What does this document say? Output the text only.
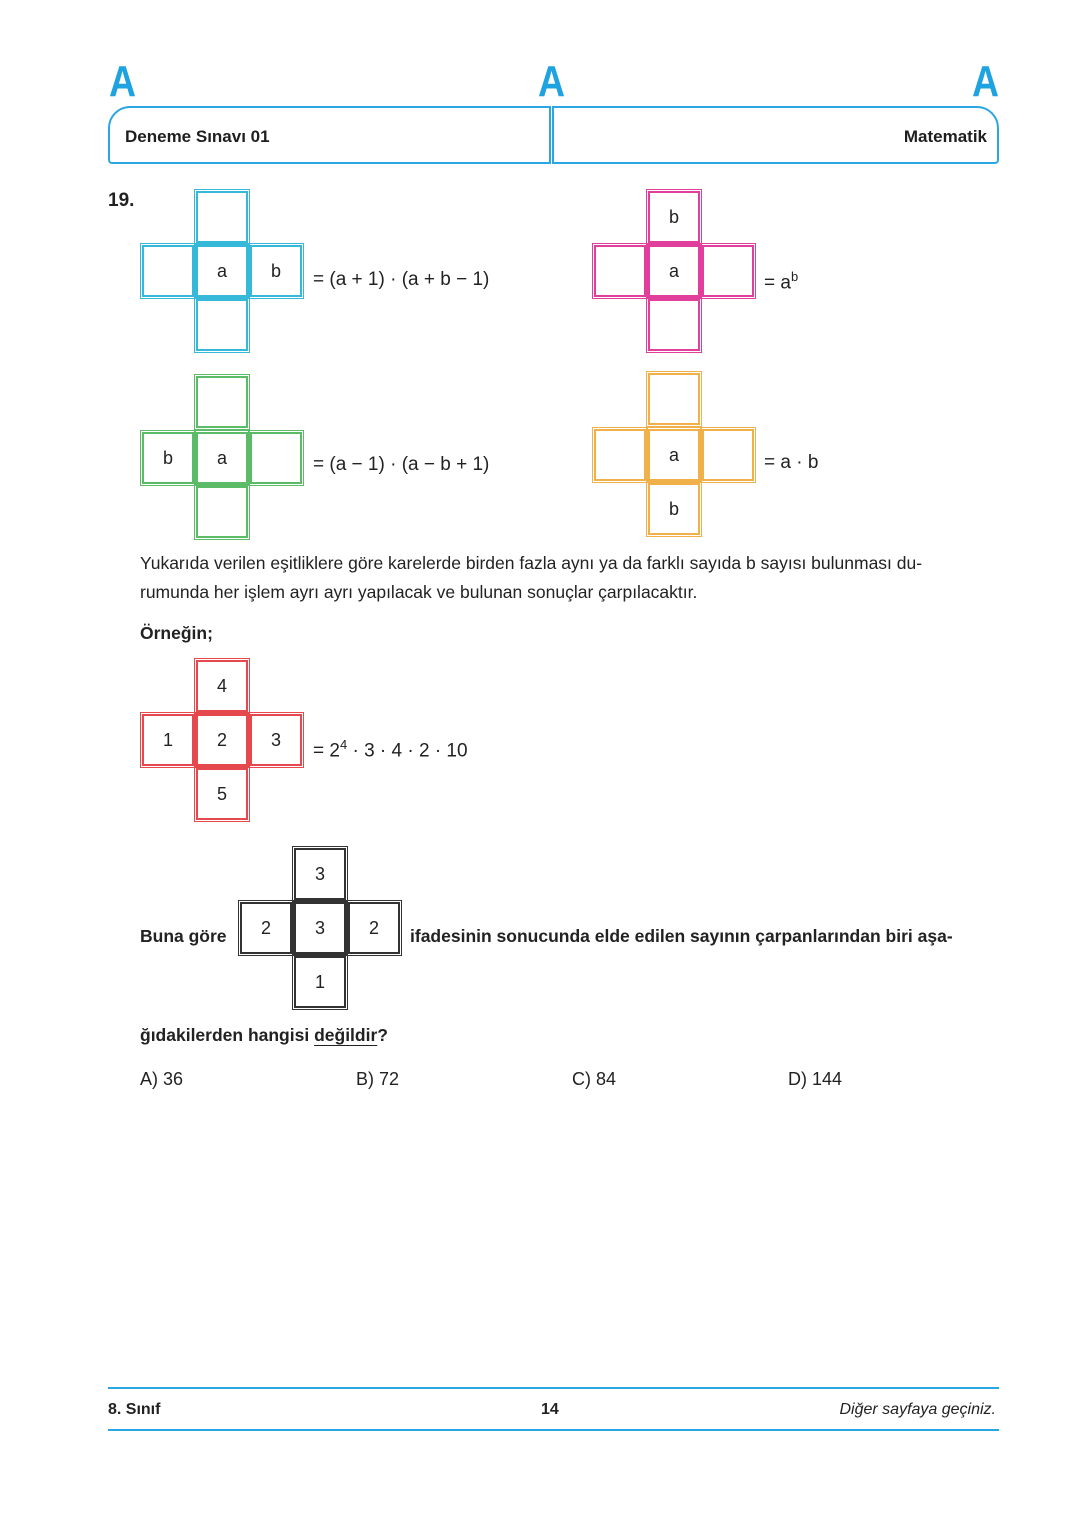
A	A	A
Deneme Sınavı 01	Matematik
19.
a	b	= (a + 1) · (a + b − 1)
b
a
= $a^b$
b	a	= (a − 1) · (a − b + 1)	a
b
= a · b
Yukarıda verilen eşitliklere göre karelerde birden fazla aynı ya da farklı sayıda b sayısı bulunması du-
rumunda her işlem ayrı ayrı yapılacak ve bulunan sonuçlar çarpılacaktır.
Örneğin;
4
1	2	3
5
= $2^4 \cdot 3 \cdot 4 \cdot 2 \cdot 10$
Buna göre
3
2	3	2
1
ifadesinin sonucunda elde edilen sayının çarpanlarından biri aşa-
ğıdakilerden hangisi değildir?
A) 36	B) 72	C) 84	D) 144
8. Sınıf	14	Diğer sayfaya geçiniz.
